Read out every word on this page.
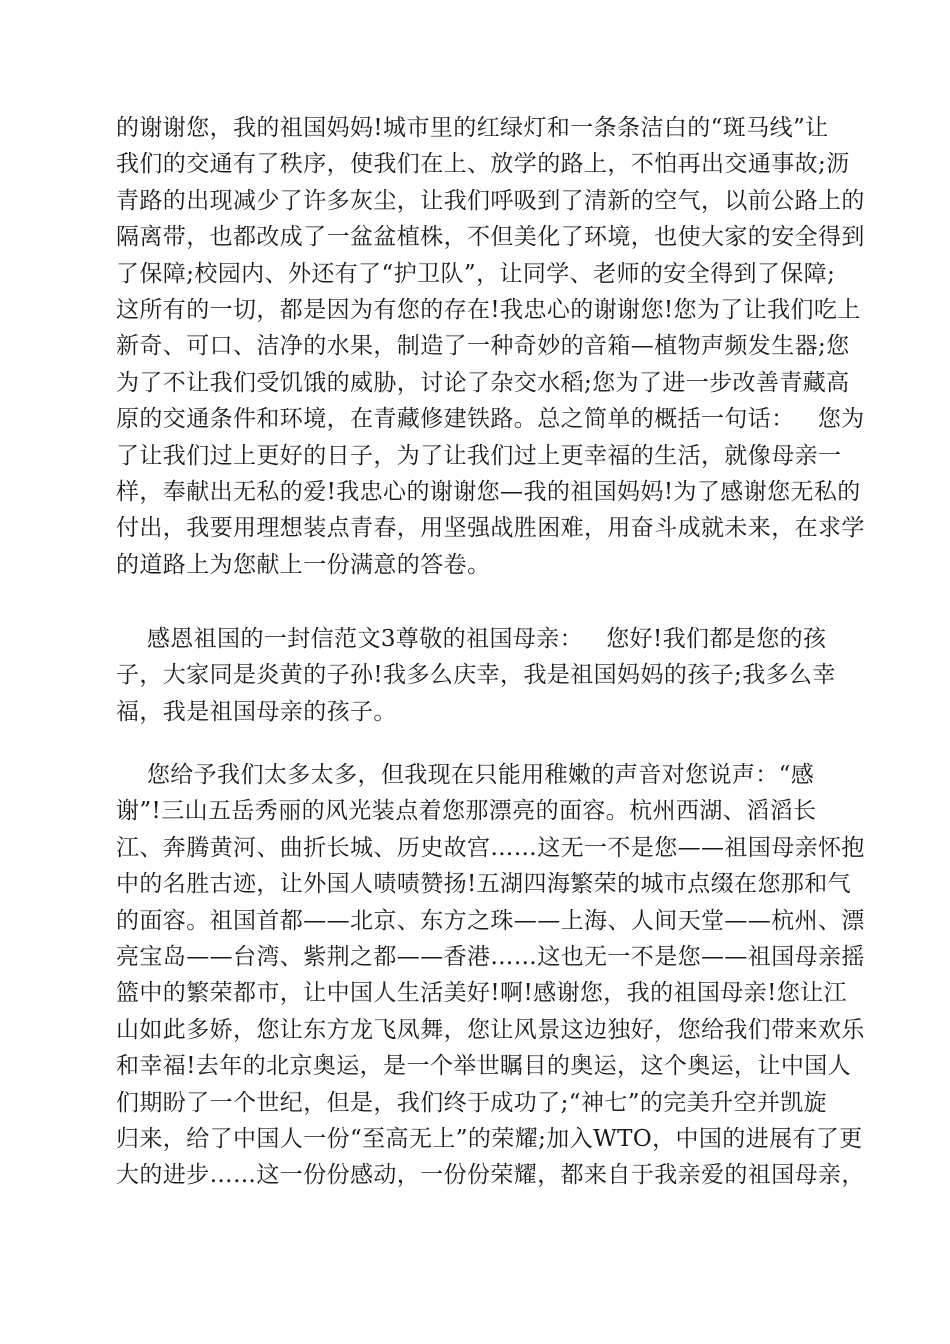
的谢谢您，我的祖国妈妈!城市里的红绿灯和一条条洁白的“斑马线”让
我们的交通有了秩序，使我们在上、放学的路上，不怕再出交通事故;沥
青路的出现减少了许多灰尘，让我们呼吸到了清新的空气，以前公路上的
隔离带，也都改成了一盆盆植株，不但美化了环境，也使大家的安全得到
了保障;校园内、外还有了“护卫队”，让同学、老师的安全得到了保障;
这所有的一切，都是因为有您的存在!我忠心的谢谢您!您为了让我们吃上
新奇、可口、洁净的水果，制造了一种奇妙的音箱—植物声频发生器;您
为了不让我们受饥饿的威胁，讨论了杂交水稻;您为了进一步改善青藏高
原的交通条件和环境，在青藏修建铁路。总之简单的概括一句话：   您为
了让我们过上更好的日子，为了让我们过上更幸福的生活，就像母亲一
样，奉献出无私的爱!我忠心的谢谢您—我的祖国妈妈!为了感谢您无私的
付出，我要用理想装点青春，用坚强战胜困难，用奋斗成就未来，在求学
的道路上为您献上一份满意的答卷。
感恩祖国的一封信范文3尊敬的祖国母亲：   您好!我们都是您的孩
子，大家同是炎黄的子孙!我多么庆幸，我是祖国妈妈的孩子;我多么幸
福，我是祖国母亲的孩子。
您给予我们太多太多，但我现在只能用稚嫩的声音对您说声：“感
谢”!三山五岳秀丽的风光装点着您那漂亮的面容。杭州西湖、滔滔长
江、奔腾黄河、曲折长城、历史故宫……这无一不是您——祖国母亲怀抱
中的名胜古迹，让外国人啧啧赞扬!五湖四海繁荣的城市点缀在您那和气
的面容。祖国首都——北京、东方之珠——上海、人间天堂——杭州、漂
亮宝岛——台湾、紫荆之都——香港……这也无一不是您——祖国母亲摇
篮中的繁荣都市，让中国人生活美好!啊!感谢您，我的祖国母亲!您让江
山如此多娇，您让东方龙飞凤舞，您让风景这边独好，您给我们带来欢乐
和幸福!去年的北京奥运，是一个举世瞩目的奥运，这个奥运，让中国人
们期盼了一个世纪，但是，我们终于成功了;“神七”的完美升空并凯旋
归来，给了中国人一份“至高无上”的荣耀;加入WTO，中国的进展有了更
大的进步……这一份份感动，一份份荣耀，都来自于我亲爱的祖国母亲，
